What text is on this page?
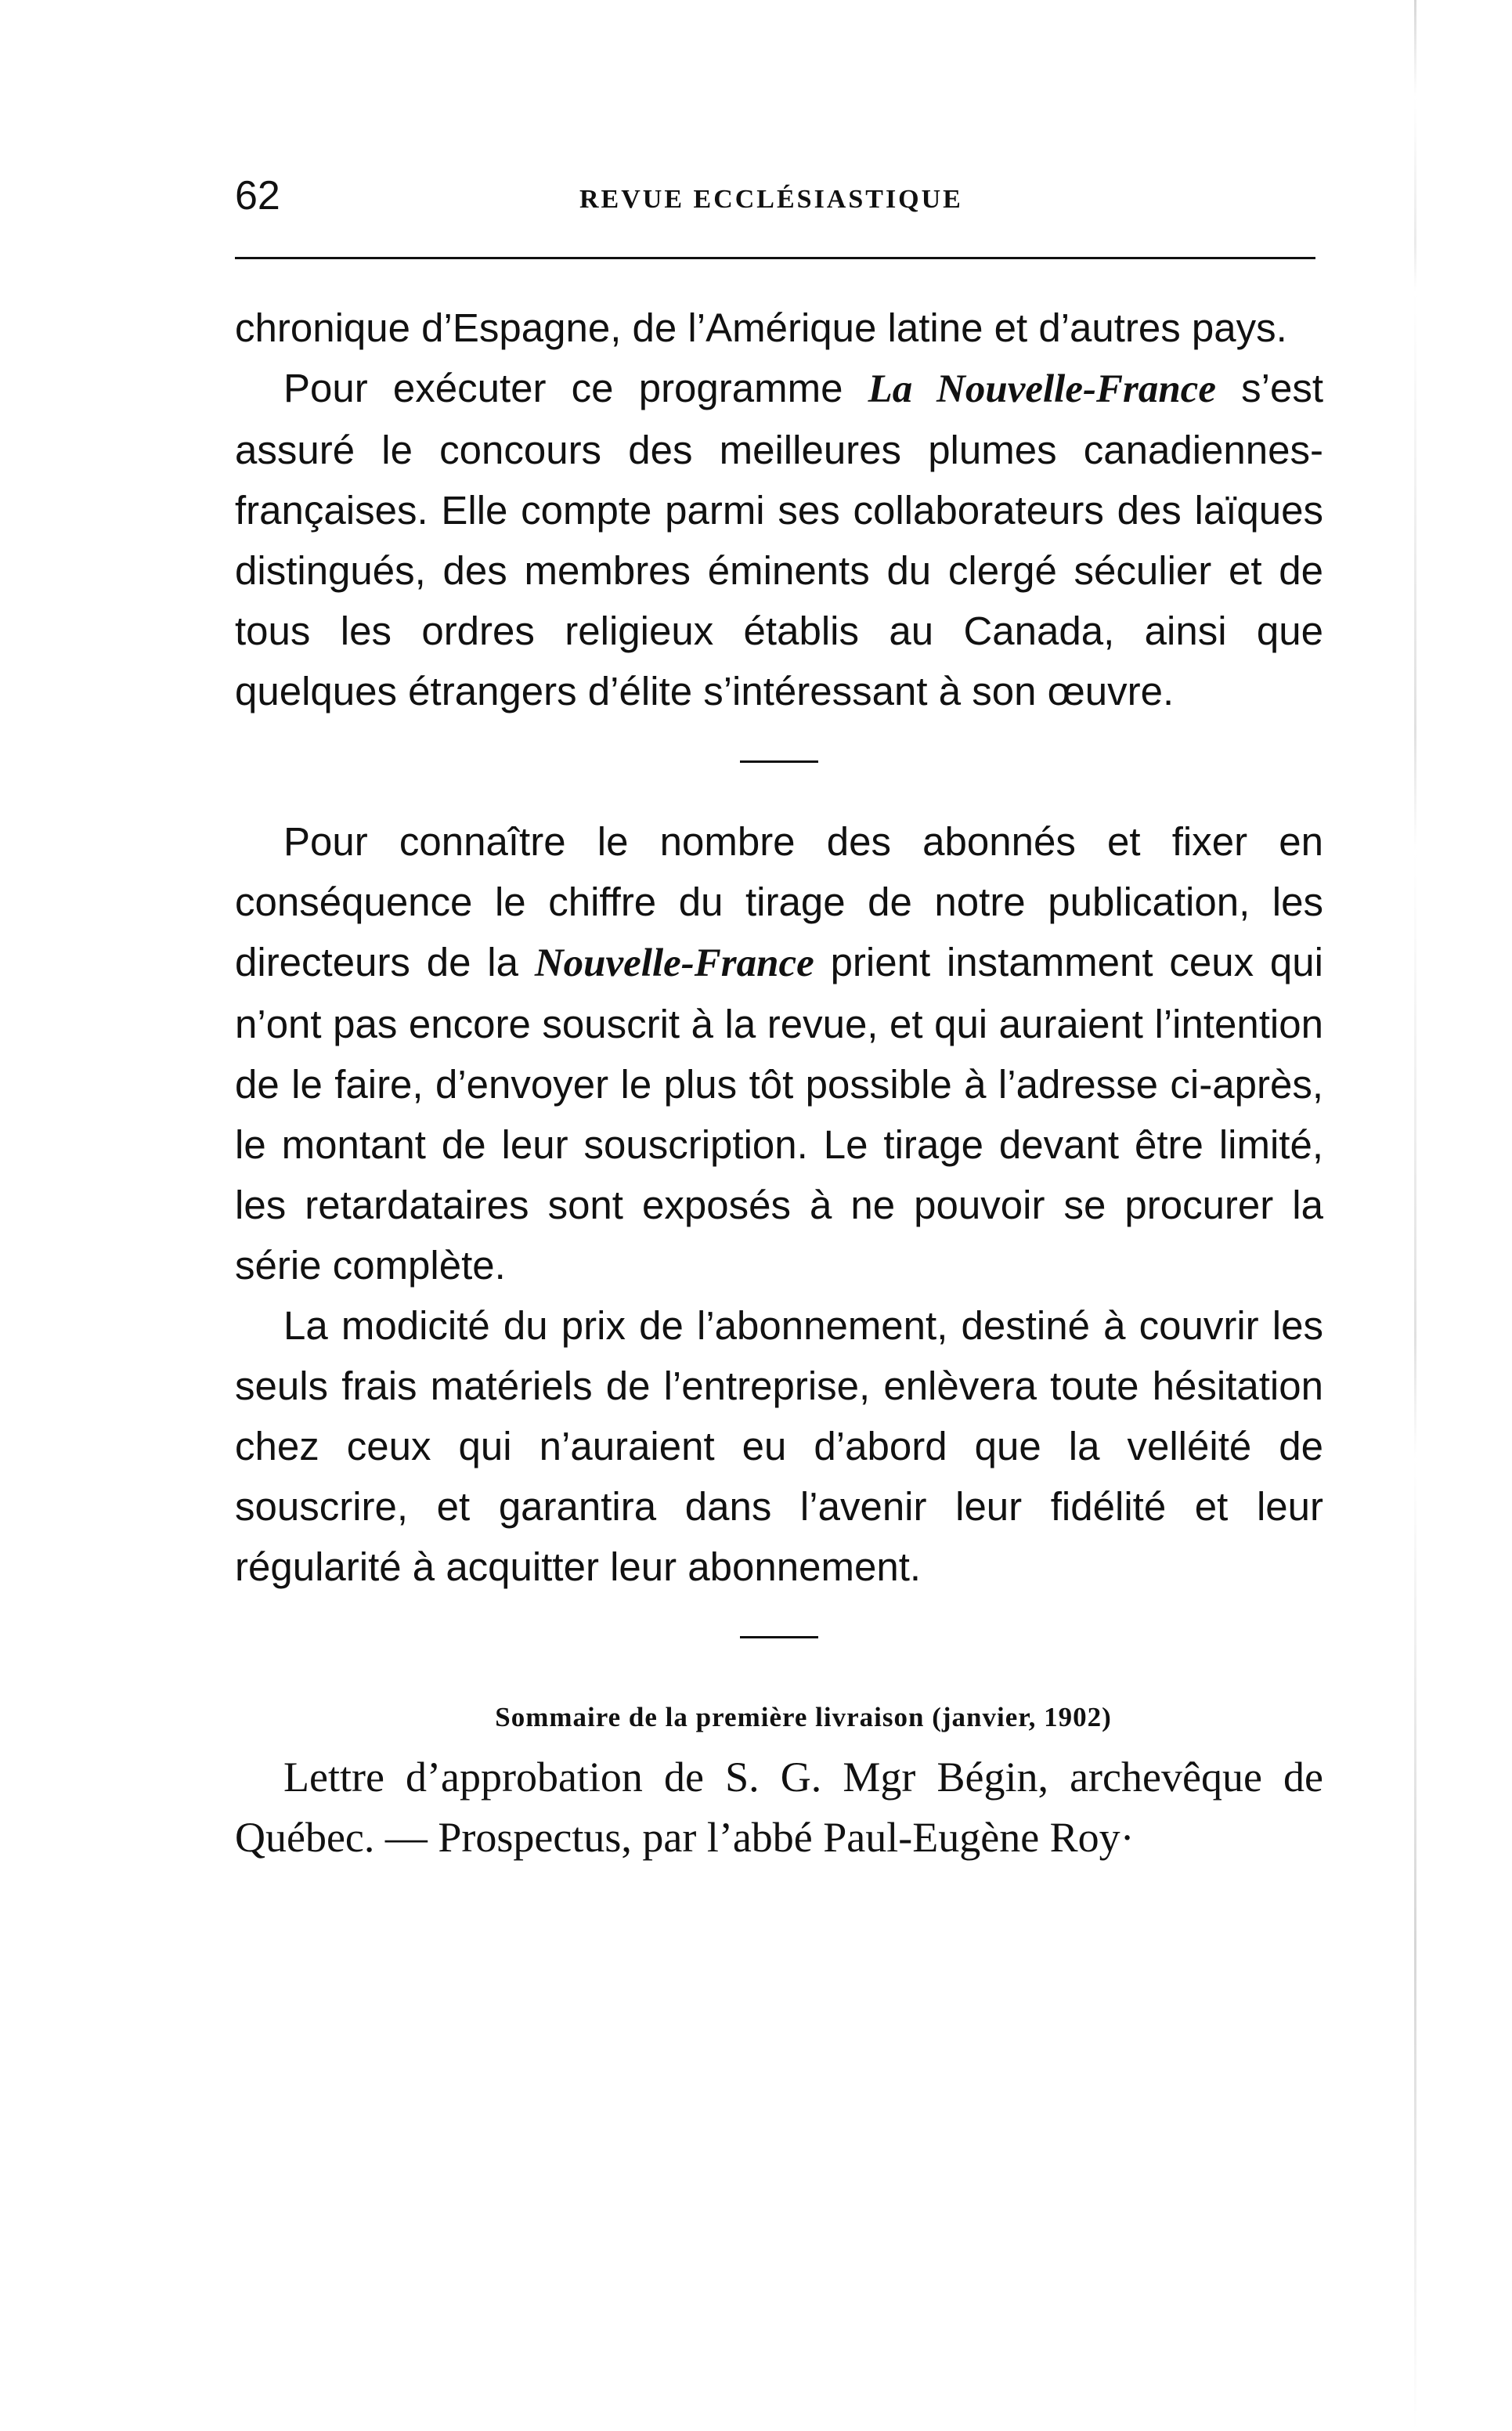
62	REVUE ECCLÉSIASTIQUE

chronique d’Espagne, de l’Amérique latine et d’autres pays.

Pour exécuter ce programme La Nouvelle-France s’est assuré le concours des meilleures plumes canadiennes-françaises. Elle compte parmi ses collaborateurs des laïques distingués, des membres éminents du clergé séculier et de tous les ordres religieux établis au Canada, ainsi que quelques étrangers d’élite s’intéressant à son œuvre.

Pour connaître le nombre des abonnés et fixer en conséquence le chiffre du tirage de notre publication, les directeurs de la Nouvelle-France prient instamment ceux qui n’ont pas encore souscrit à la revue, et qui auraient l’intention de le faire, d’envoyer le plus tôt possible à l’adresse ci-après, le montant de leur souscription. Le tirage devant être limité, les retardataires sont exposés à ne pouvoir se procurer la série complète.

La modicité du prix de l’abonnement, destiné à couvrir les seuls frais matériels de l’entreprise, enlèvera toute hésitation chez ceux qui n’auraient eu d’abord que la velléité de souscrire, et garantira dans l’avenir leur fidélité et leur régularité à acquitter leur abonnement.

Sommaire de la première livraison (janvier, 1902)

Lettre d’approbation de S. G. Mgr Bégin, archevêque de Québec. — Prospectus, par l’abbé Paul-Eugène Roy·
